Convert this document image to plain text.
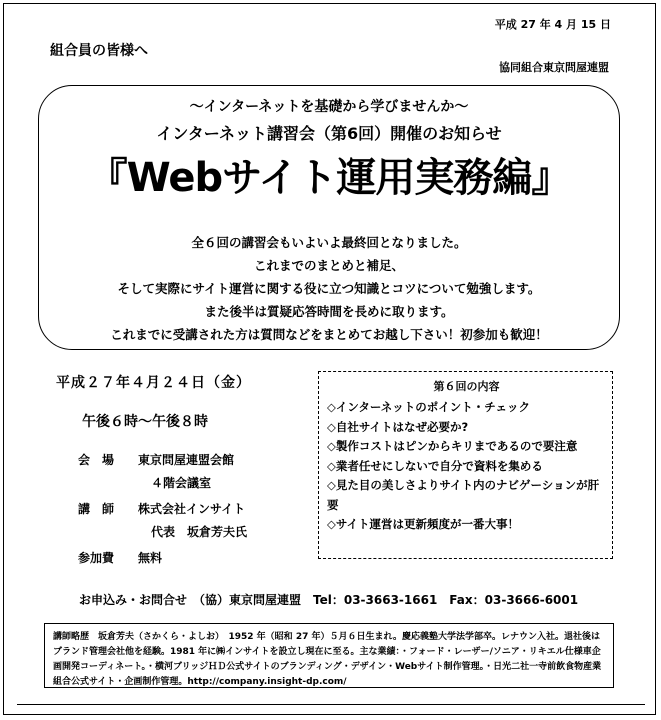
平成 27 年 4 月 15 日
組合員の皆様へ
協同組合東京問屋連盟
～インターネットを基礎から学びませんか～
インターネット講習会（第6回）開催のお知らせ
『Webサイト運用実務編』
全６回の講習会もいよいよ最終回となりました。
これまでのまとめと補足、
そして実際にサイト運営に関する役に立つ知識とコツについて勉強します。
また後半は質疑応答時間を長めに取ります。
これまでに受講された方は質問などをまとめてお越し下さい！初参加も歓迎！
平成２７年４月２４日（金）
午後６時～午後８時
会　場 東京問屋連盟会館
４階会議室
講　師 株式会社インサイト
代表　坂倉芳夫氏
参加費 無料
第６回の内容
◇インターネットのポイント・チェック
◇自社サイトはなぜ必要か?
◇製作コストはピンからキリまであるので要注意
◇業者任せにしないで自分で資料を集める
◇見た目の美しさよりサイト内のナビゲーションが肝要
◇サイト運営は更新頻度が一番大事！
お申込み・お問合せ　（協）東京問屋連盟　Tel：03-3663-1661　Fax：03-3666-6001
講師略歴　坂倉芳夫（さかくら・よしお）　1952 年（昭和 27 年）５月６日生まれ。慶応義塾大学法学部卒。レナウン入社。退社後はブランド管理会社他を経験。1981 年に㈱インサイトを設立し現在に至る。主な業績：・フォード・レーザー/ソニア・リキエル仕様車企画開発コーディネート。・横河ブリッジＨＤ公式サイトのブランディング・デザイン・Webサイト制作管理。・日光二社一寺前飲食物産業組合公式サイト・企画制作管理。http://company.insight-dp.com/
